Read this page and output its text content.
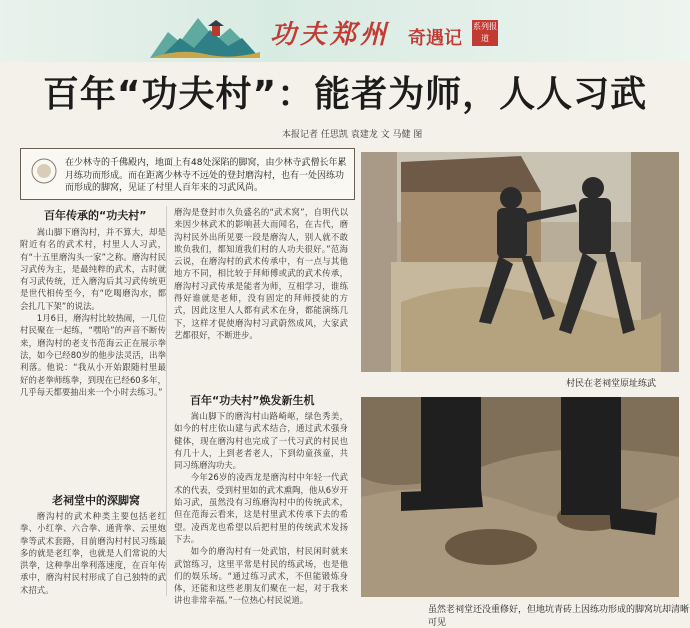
功夫郑州 奇遇记
系列报道
百年“功夫村”：能者为师，人人习武
本报记者 任思凯 袁建龙 文 马健 图

在少林寺的千佛殿内，地面上有48处深陷的脚窝，由少林寺武僧长年累月练功而形成。而在距离少林寺不远处的登封磨沟村，也有一处因练功而形成的脚窝，见证了村里人百年来的习武风尚。

百年传承的“功夫村”

嵩山脚下磨沟村，并不算大，却是附近有名的武术村，村里人人习武，有“十五里磨沟头一家”之称。磨沟村民习武传为主，是最纯粹的武术，古时就有习武传统，迁入磨沟后其习武传统更是世代相传至今，有“吃喝磨沟水，都会扎几下架”的说法。

1月6日，磨沟村比较热闹，一几位村民聚在一起练，“嘿哈”的声音不断传来，磨沟村的老支书范海云正在展示拳法，如今已经80岁的他步法灵活，出拳利落。他说：“我从小开始跟随村里最好的老拳师练拳，到现在已经60多年，几乎每天都要抽出来一个小时去练习。”

磨沟是登封市久负盛名的“武术窝”，自明代以来因少林武术的影响甚大而闻名，在古代，磨沟村民外出所见要一段是磨沟人，别人就不敢欺负我们，都知道我们村的人功夫很好。”范海云说，在磨沟村的武术传承中，有一点与其他地方不同，相比较于拜师傅或武的武术传承，磨沟村习武传承是能者为师，互相学习，谁练得好谁就是老师，没有固定的拜师授徒的方式，因此这里人人都有武术在身，都能演练几下，这样才促使磨沟村习武蔚然成风，大家武艺都很好，不断进步。

老祠堂中的深脚窝

磨沟村的武术种类主要包括老红拳、小红拳、六合拳、通背拳、云里炮拳等武术套路，目前磨沟村村民习练最多的就是老红拳，也就是人们常说的大洪拳，这种拳出拳利落速度，在百年传承中，磨沟村民村形成了自己独特的武术招式。

百年“功夫村”焕发新生机

嵩山脚下的磨沟村山路崎岖，绿色秀美，如今的村庄依山建与武术结合，通过武术强身健体，现在磨沟村也完成了一代习武的村民也有几十人，上到老者老人，下到幼童孩童，共同习练磨沟功夫。

今年26岁的凌西龙是磨沟村中年轻一代武术的代表，受到村里如的武术熏陶，他从6岁开始习武，虽然没有习练磨沟村中的传统武术，但在范海云看来，这是村里武术传承下去的希望。凌西龙也希望以后把村里的传统武术发扬下去。

如今的磨沟村有一处武馆，村民闲时就来武馆练习，这里平常是村民的练武场，也是他们的娱乐场。“通过练习武术，不但能锻炼身体，还能和这些老朋友们聚在一起，对于我来讲也非常幸福。”一位热心村民说道。

村民在老祠堂原址练武
虽然老祠堂还没重修好，但地坑青砖上因练功形成的脚窝坑却清晰可见
